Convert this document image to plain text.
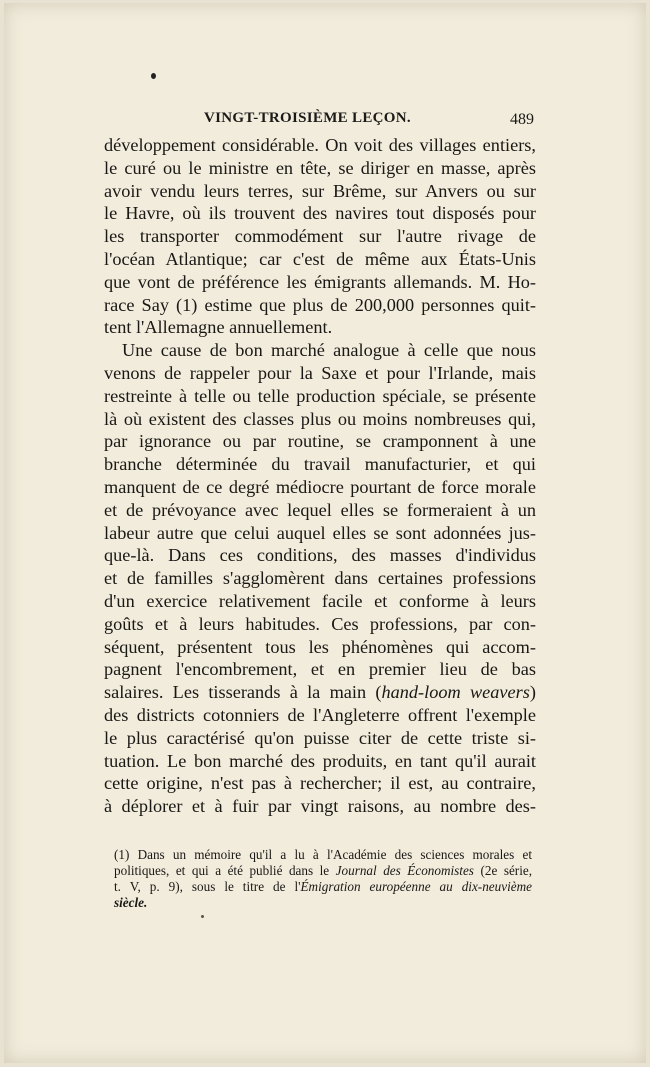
VINGT-TROISIÈME LEÇON.	489
développement considérable. On voit des villages entiers,
le curé ou le ministre en tête, se diriger en masse, après
avoir vendu leurs terres, sur Brême, sur Anvers ou sur
le Havre, où ils trouvent des navires tout disposés pour
les transporter commodément sur l'autre rivage de
l'océan Atlantique; car c'est de même aux États-Unis
que vont de préférence les émigrants allemands. M. Ho-
race Say (1) estime que plus de 200,000 personnes quit-
tent l'Allemagne annuellement.
Une cause de bon marché analogue à celle que nous
venons de rappeler pour la Saxe et pour l'Irlande, mais
restreinte à telle ou telle production spéciale, se présente
là où existent des classes plus ou moins nombreuses qui,
par ignorance ou par routine, se cramponnent à une
branche déterminée du travail manufacturier, et qui
manquent de ce degré médiocre pourtant de force morale
et de prévoyance avec lequel elles se formeraient à un
labeur autre que celui auquel elles se sont adonnées jus-
que-là. Dans ces conditions, des masses d'individus
et de familles s'agglomèrent dans certaines professions
d'un exercice relativement facile et conforme à leurs
goûts et à leurs habitudes. Ces professions, par con-
séquent, présentent tous les phénomènes qui accom-
pagnent l'encombrement, et en premier lieu de bas
salaires. Les tisserands à la main (hand-loom weavers)
des districts cotonniers de l'Angleterre offrent l'exemple
le plus caractérisé qu'on puisse citer de cette triste si-
tuation. Le bon marché des produits, en tant qu'il aurait
cette origine, n'est pas à rechercher; il est, au contraire,
à déplorer et à fuir par vingt raisons, au nombre des-
(1) Dans un mémoire qu'il a lu à l'Académie des sciences morales et
politiques, et qui a été publié dans le Journal des Économistes (2e série,
t. V, p. 9), sous le titre de l'Émigration européenne au dix-neuvième
siècle.
